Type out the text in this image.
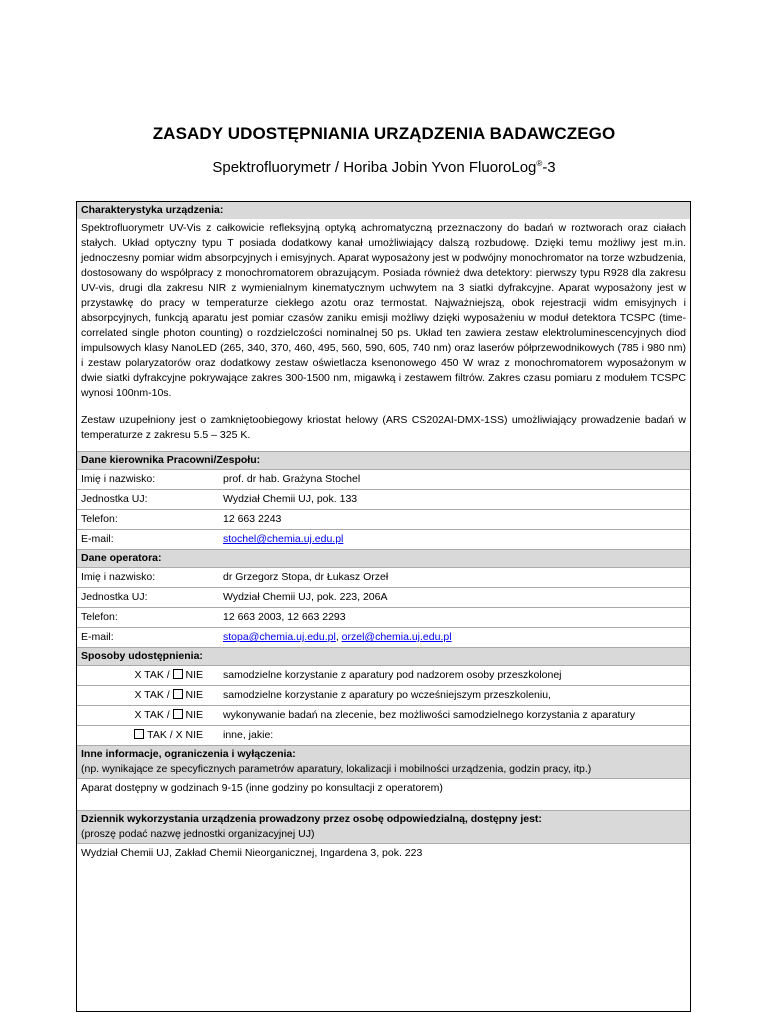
ZASADY UDOSTĘPNIANIA URZĄDZENIA BADAWCZEGO
Spektrofluorymetr / Horiba Jobin Yvon FluoroLog®-3
Charakterystyka urządzenia:
Spektrofluorymetr UV-Vis z całkowicie refleksyjną optyką achromatyczną przeznaczony do badań w roztworach oraz ciałach stałych. Układ optyczny typu T posiada dodatkowy kanał umożliwiający dalszą rozbudowę. Dzięki temu możliwy jest m.in. jednoczesny pomiar widm absorpcyjnych i emisyjnych. Aparat wyposażony jest w podwójny monochromator na torze wzbudzenia, dostosowany do współpracy z monochromatorem obrazującym. Posiada również dwa detektory: pierwszy typu R928 dla zakresu UV-vis, drugi dla zakresu NIR z wymienialnym kinematycznym uchwytem na 3 siatki dyfrakcyjne. Aparat wyposażony jest w przystawkę do pracy w temperaturze ciekłego azotu oraz termostat. Najważniejszą, obok rejestracji widm emisyjnych i absorpcyjnych, funkcją aparatu jest pomiar czasów zaniku emisji możliwy dzięki wyposażeniu w moduł detektora TCSPC (time-correlated single photon counting) o rozdzielczości nominalnej 50 ps. Układ ten zawiera zestaw elektroluminescencyjnych diod impulsowych klasy NanoLED (265, 340, 370, 460, 495, 560, 590, 605, 740 nm) oraz laserów półprzewodnikowych (785 i 980 nm) i zestaw polaryzatorów oraz dodatkowy zestaw oświetlacza ksenonowego 450 W wraz z monochromatorem wyposażonym w dwie siatki dyfrakcyjne pokrywające zakres 300-1500 nm, migawką i zestawem filtrów. Zakres czasu pomiaru z modułem TCSPC wynosi 100nm-10s.
Zestaw uzupełniony jest o zamkniętoobiegowy kriostat helowy (ARS CS202AI-DMX-1SS) umożliwiający prowadzenie badań w temperaturze z zakresu 5.5 – 325 K.
Dane kierownika Pracowni/Zespołu:
Imię i nazwisko:	prof. dr hab. Grażyna Stochel
Jednostka UJ:	Wydział Chemii UJ, pok. 133
Telefon:	12 663 2243
E-mail:	stochel@chemia.uj.edu.pl
Dane operatora:
Imię i nazwisko:	dr Grzegorz Stopa, dr Łukasz Orzeł
Jednostka UJ:	Wydział Chemii UJ, pok. 223, 206A
Telefon:	12 663 2003, 12 663 2293
E-mail:	stopa@chemia.uj.edu.pl, orzel@chemia.uj.edu.pl
Sposoby udostępnienia:
X TAK /  NIE	samodzielne korzystanie z aparatury pod nadzorem osoby przeszkolonej
X TAK /  NIE	samodzielne korzystanie z aparatury po wcześniejszym przeszkoleniu,
X TAK /  NIE	wykonywanie badań na zlecenie, bez możliwości samodzielnego korzystania z aparatury
TAK / X NIE	inne, jakie:
Inne informacje, ograniczenia i wyłączenia:
(np. wynikające ze specyficznych parametrów aparatury, lokalizacji i mobilności urządzenia, godzin pracy, itp.)
Aparat dostępny w godzinach 9-15 (inne godziny po konsultacji z operatorem)
Dziennik wykorzystania urządzenia prowadzony przez osobę odpowiedzialną, dostępny jest:
(proszę podać nazwę jednostki organizacyjnej UJ)
Wydział Chemii UJ, Zakład Chemii Nieorganicznej, Ingardena 3, pok. 223
